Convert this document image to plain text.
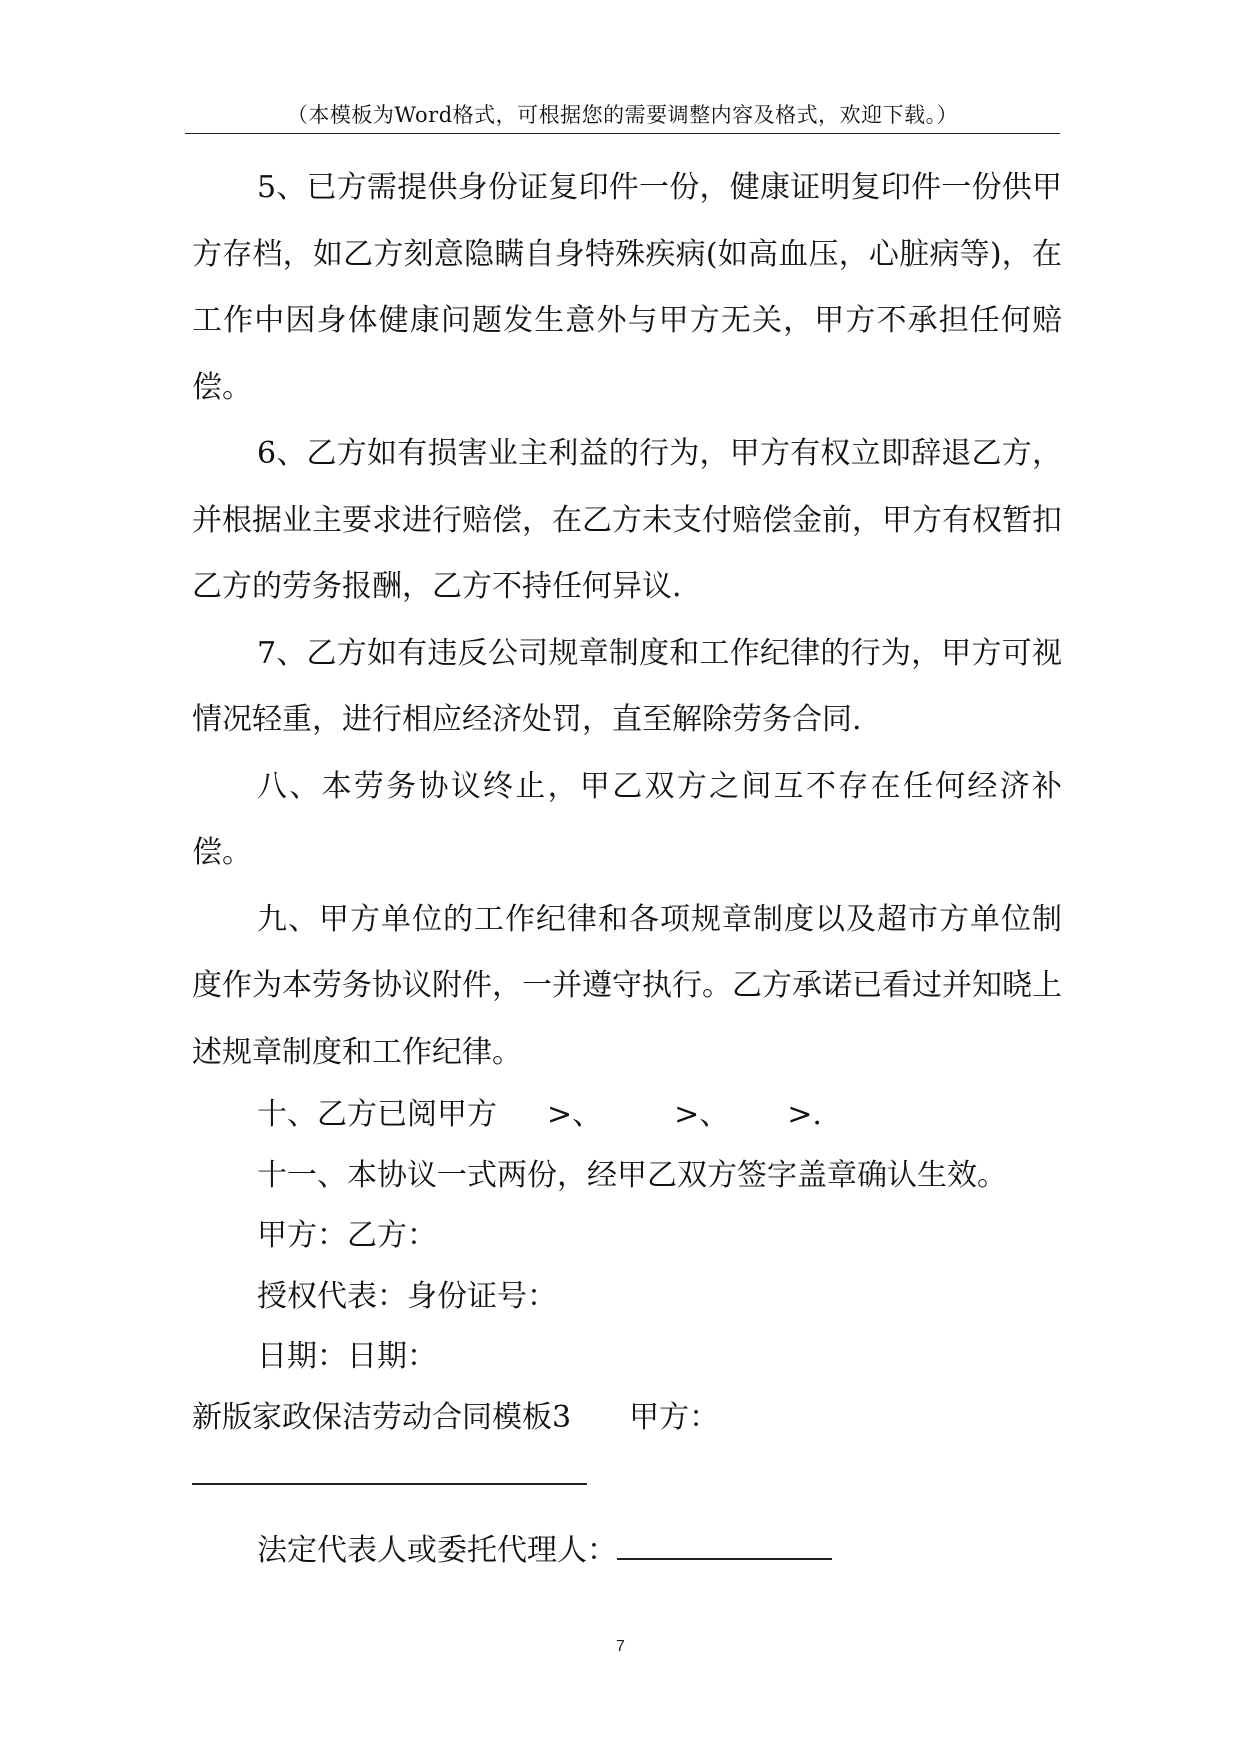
（本模板为Word格式，可根据您的需要调整内容及格式，欢迎下载。）

5、已方需提供身份证复印件一份，健康证明复印件一份供甲方存档，如乙方刻意隐瞒自身特殊疾病(如高血压，心脏病等)，在工作中因身体健康问题发生意外与甲方无关，甲方不承担任何赔偿。

6、乙方如有损害业主利益的行为，甲方有权立即辞退乙方，并根据业主要求进行赔偿，在乙方未支付赔偿金前，甲方有权暂扣乙方的劳务报酬，乙方不持任何异议.

7、乙方如有违反公司规章制度和工作纪律的行为，甲方可视情况轻重，进行相应经济处罚，直至解除劳务合同.

八、本劳务协议终止，甲乙双方之间互不存在任何经济补偿。

九、甲方单位的工作纪律和各项规章制度以及超市方单位制度作为本劳务协议附件，一并遵守执行。乙方承诺已看过并知晓上述规章制度和工作纪律。

十、乙方已阅甲方 >、 >、 >.

十一、本协议一式两份，经甲乙双方签字盖章确认生效。

甲方：乙方：

授权代表：身份证号：

日期：日期：

新版家政保洁劳动合同模板3 甲方：

法定代表人或委托代理人：

7
